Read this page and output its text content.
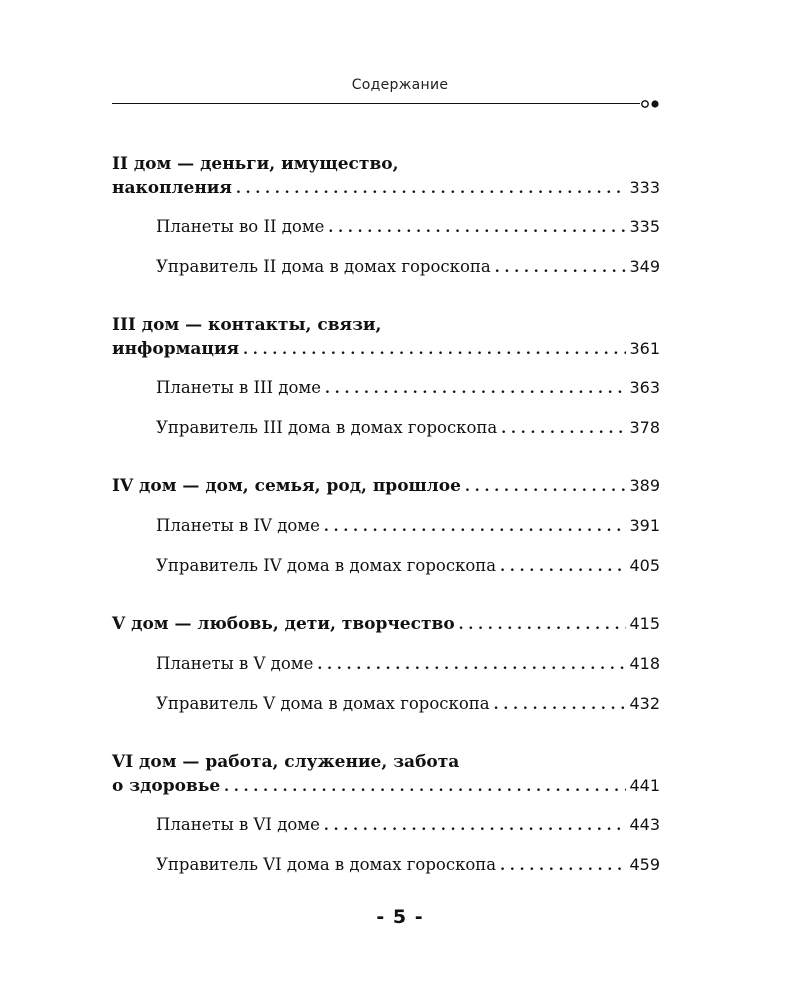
Содержание
II дом — деньги, имущество,
накопления . . .	333
Планеты во II доме . . .	335
Управитель II дома в домах гороскопа . . .	349
III дом — контакты, связи,
информация . . .	361
Планеты в III доме . . .	363
Управитель III дома в домах гороскопа . . .	378
IV дом — дом, семья, род, прошлое . . .	389
Планеты в IV доме . . .	391
Управитель IV дома в домах гороскопа . . .	405
V дом — любовь, дети, творчество . . .	415
Планеты в V доме . . .	418
Управитель V дома в домах гороскопа . . .	432
VI дом — работа, служение, забота
о здоровье . . .	441
Планеты в VI доме . . .	443
Управитель VI дома в домах гороскопа . . .	459
- 5 -
